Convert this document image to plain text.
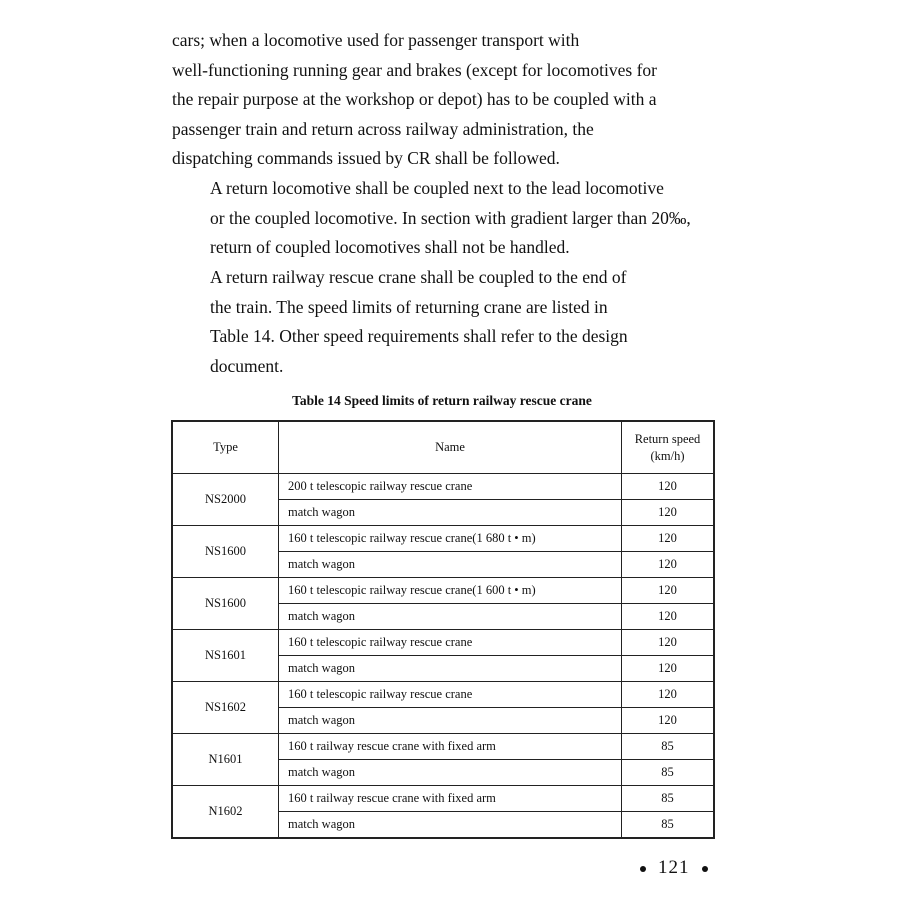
cars; when a locomotive used for passenger transport with
well-functioning running gear and brakes (except for locomotives for
the repair purpose at the workshop or depot) has to be coupled with a
passenger train and return across railway administration, the
dispatching commands issued by CR shall be followed.

A return locomotive shall be coupled next to the lead locomotive
or the coupled locomotive. In section with gradient larger than 20‰,
return of coupled locomotives shall not be handled.

A return railway rescue crane shall be coupled to the end of
the train. The speed limits of returning crane are listed in
Table 14. Other speed requirements shall refer to the design
document.

Table 14 Speed limits of return railway rescue crane
Type	Name	Return speed
(km/h)
NS2000	200 t telescopic railway rescue crane	120
	match wagon	120
NS1600	160 t telescopic railway rescue crane(1 680 t • m)	120
	match wagon	120
NS1600	160 t telescopic railway rescue crane(1 600 t • m)	120
	match wagon	120
NS1601	160 t telescopic railway rescue crane	120
	match wagon	120
NS1602	160 t telescopic railway rescue crane	120
	match wagon	120
N1601	160 t railway rescue crane with fixed arm	85
	match wagon	85
N1602	160 t railway rescue crane with fixed arm	85
	match wagon	85
121
